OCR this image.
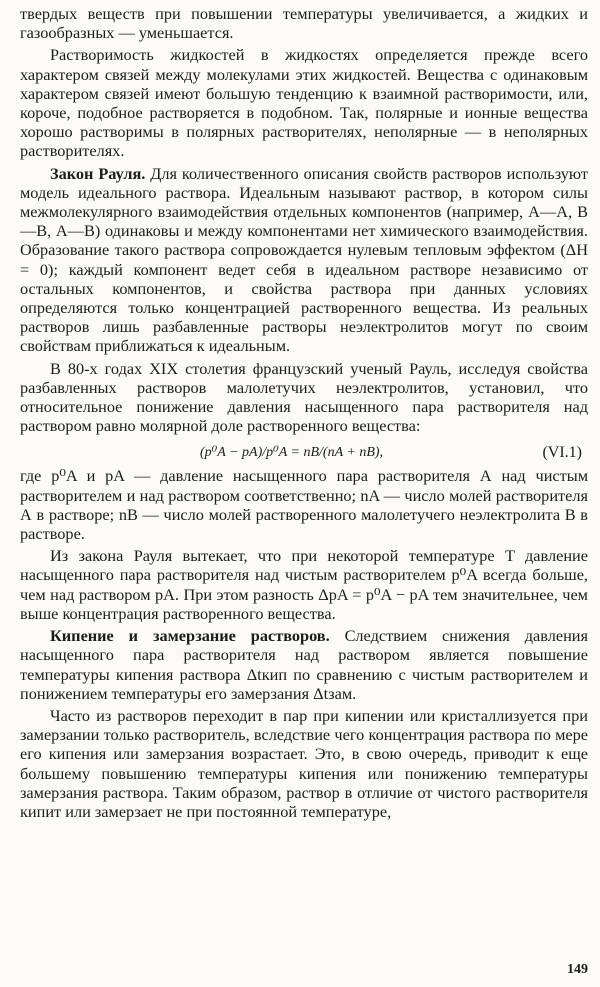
твердых веществ при повышении температуры увеличивается, а жидких и газообразных — уменьшается.

Растворимость жидкостей в жидкостях определяется прежде всего характером связей между молекулами этих жидкостей. Вещества с одинаковым характером связей имеют большую тенденцию к взаимной растворимости, или, короче, подобное растворяется в подобном. Так, полярные и ионные вещества хорошо растворимы в полярных растворителях, неполярные — в неполярных растворителях.

Закон Рауля. Для количественного описания свойств растворов используют модель идеального раствора. Идеальным называют раствор, в котором силы межмолекулярного взаимодействия отдельных компонентов (например, А—А, В—В, А—В) одинаковы и между компонентами нет химического взаимодействия. Образование такого раствора сопровождается нулевым тепловым эффектом (ΔH = 0); каждый компонент ведет себя в идеальном растворе независимо от остальных компонентов, и свойства раствора при данных условиях определяются только концентрацией растворенного вещества. Из реальных растворов лишь разбавленные растворы неэлектролитов могут по своим свойствам приближаться к идеальным.

В 80-х годах XIX столетия французский ученый Рауль, исследуя свойства разбавленных растворов малолетучих неэлектролитов, установил, что относительное понижение давления насыщенного пара растворителя над раствором равно молярной доле растворенного вещества:

(p⁰A − pA)/p⁰A = nB/(nA + nB),	(VI.1)

где p⁰A и pA — давление насыщенного пара растворителя А над чистым растворителем и над раствором соответственно; nA — число молей растворителя А в растворе; nB — число молей растворенного малолетучего неэлектролита В в растворе.

Из закона Рауля вытекает, что при некоторой температуре T давление насыщенного пара растворителя над чистым растворителем p⁰A всегда больше, чем над раствором pA. При этом разность ΔpA = p⁰A − pA тем значительнее, чем выше концентрация растворенного вещества.

Кипение и замерзание растворов. Следствием снижения давления насыщенного пара растворителя над раствором является повышение температуры кипения раствора Δtкип по сравнению с чистым растворителем и понижением температуры его замерзания Δtзам.

Часто из растворов переходит в пар при кипении или кристаллизуется при замерзании только растворитель, вследствие чего концентрация раствора по мере его кипения или замерзания возрастает. Это, в свою очередь, приводит к еще большему повышению температуры кипения или понижению температуры замерзания раствора. Таким образом, раствор в отличие от чистого растворителя кипит или замерзает не при постоянной температуре,

149
